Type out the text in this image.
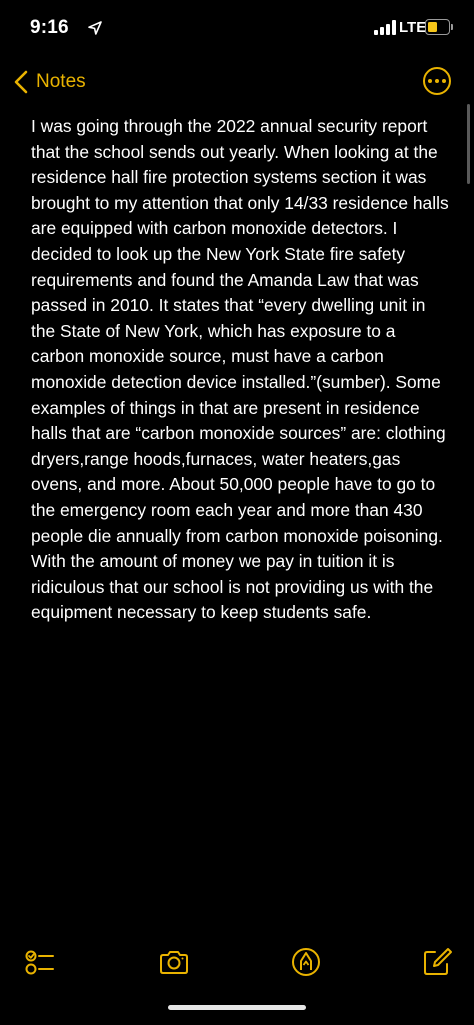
9:16	LTE
Notes
I was going through the 2022 annual security report that the school sends out yearly. When looking at the residence hall fire protection systems section it was brought to my attention that only 14/33 residence halls are equipped with carbon monoxide detectors. I decided to look up the New York State fire safety requirements and found the Amanda Law that was passed in 2010. It states that “every dwelling unit in the State of New York, which has exposure to a carbon monoxide source, must have a carbon monoxide detection device installed.”(sumber). Some examples of things in that are present in residence halls that are “carbon monoxide sources” are: clothing dryers,range hoods,furnaces, water heaters,gas ovens, and more. About 50,000 people have to go to the emergency room each year and more than 430 people die annually from carbon monoxide poisoning. With the amount of money we pay in tuition it is ridiculous that our school is not providing us with the equipment necessary to keep students safe.
